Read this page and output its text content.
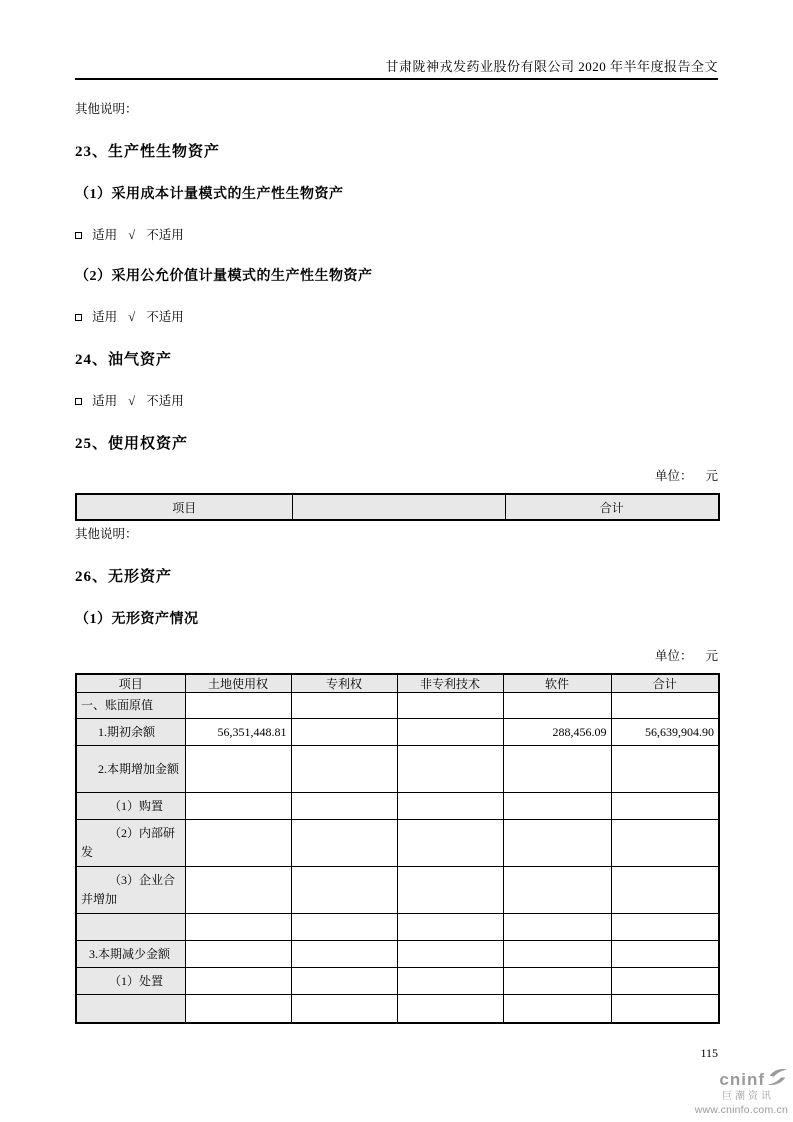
甘肃陇神戎发药业股份有限公司 2020 年半年度报告全文

其他说明：

23、生产性生物资产
（1）采用成本计量模式的生产性生物资产

适用 √ 不适用

（2）采用公允价值计量模式的生产性生物资产

适用 √ 不适用

24、油气资产

适用 √ 不适用

25、使用权资产
单位： 元
项目		合计

其他说明：

26、无形资产
（1）无形资产情况
单位： 元
项目	土地使用权	专利权	非专利技术	软件	合计
一、账面原值					
1.期初余额	56,351,448.81			288,456.09	56,639,904.90
2.本期增加金额					
（1）购置					
（2）内部研发					
（3）企业合并增加					

3.本期减少金额					
（1）处置					

115
cninf
巨潮资讯
www.cninfo.com.cn
